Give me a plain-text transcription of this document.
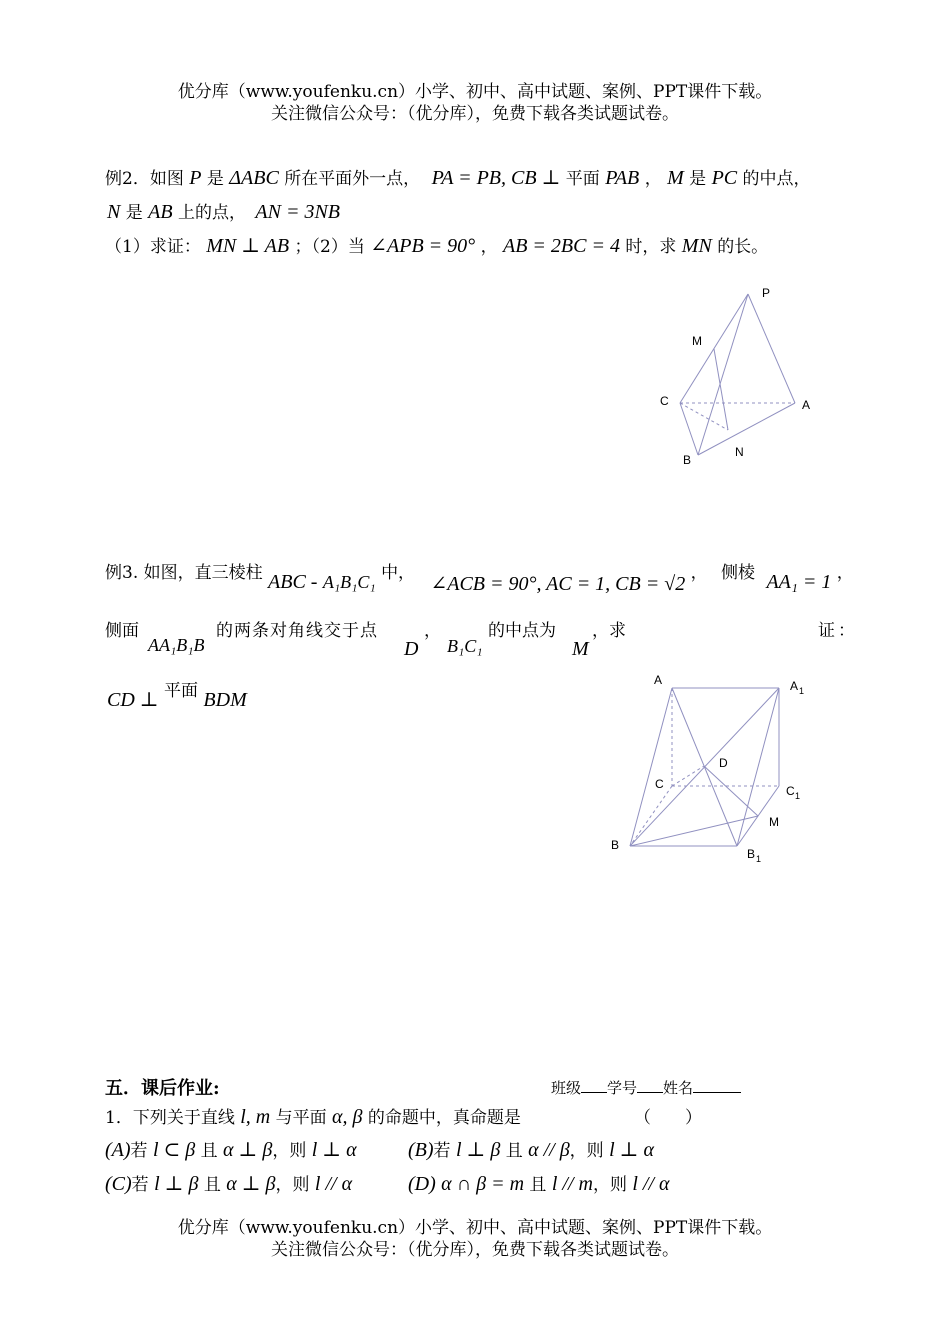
优分库（www.youfenku.cn）小学、初中、高中试题、案例、PPT课件下载。
关注微信公众号：（优分库），免费下载各类试题试卷。
例2．如图 P 是 ΔABC 所在平面外一点， PA = PB, CB ⊥ 平面 PAB ， M 是 PC 的中点，
N 是 AB 上的点， AN = 3NB
（1）求证： MN ⊥ AB ；（2）当 ∠APB = 90° ， AB = 2BC = 4 时，求 MN 的长。
P
M
C	A
B
N
例3. 如图，直三棱柱 ABC - A₁B₁C₁ 中， ∠ACB = 90°, AC = 1, CB = √2 ， 侧棱 AA₁ = 1 ，
侧面
AA₁B₁B
的两条对角线交于点	，
D B₁C₁
的中点为
M
，求	证 ：
CD ⊥ 平面 BDM
A	A 1
D
C	C 1
M
B
B 1
五．课后作业:	班级 学号 姓名
1．下列关于直线 l, m 与平面 α, β 的命题中，真命题是	（　　）
(A)若 l ⊂ β 且 α ⊥ β，则 l ⊥ α	(B)若 l ⊥ β 且 α // β，则 l ⊥ α
(C)若 l ⊥ β 且 α ⊥ β，则 l // α	(D) α ∩ β = m 且 l // m，则 l // α
优分库（www.youfenku.cn）小学、初中、高中试题、案例、PPT课件下载。
关注微信公众号：（优分库），免费下载各类试题试卷。
